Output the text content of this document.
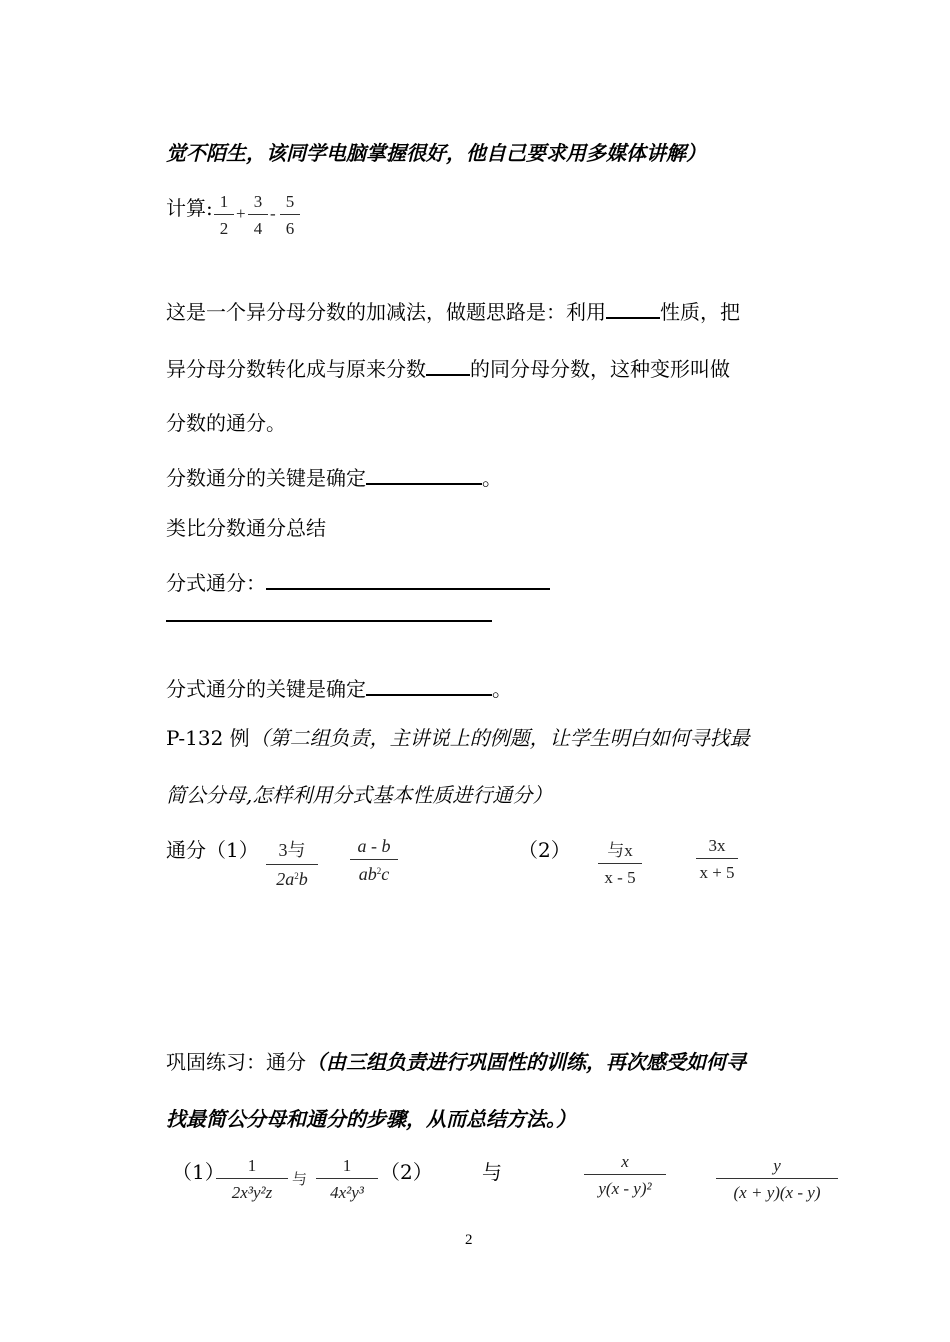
觉不陌生，该同学电脑掌握很好，他自己要求用多媒体讲解）
计算: 1
2
+
3
4
-
5
6
这是一个异分母分数的加减法，做题思路是：利用	性质，把
异分母分数转化成与原来分数 的同分母分数，这种变形叫做
分数的通分。
分数通分的关键是确定	。
类比分数通分总结
分式通分：
分式通分的关键是确定	。
P-132 例（第二组负责，主讲说上的例题，让学生明白如何寻找最
简公分母,怎样利用分式基本性质进行通分）
通分（1）	3与
$2a^2b$
a - b
$ab^2c$
（2）	与x
x - 5
3x
x + 5
巩固练习：通分（由三组负责进行巩固性的训练，再次感受如何寻
找最简公分母和通分的步骤，从而总结方法。）
（1）	1
2x³y²z
与
1
4x²y³
（2） 与	x
y(x - y)²
y
(x + y)(x - y)
2
